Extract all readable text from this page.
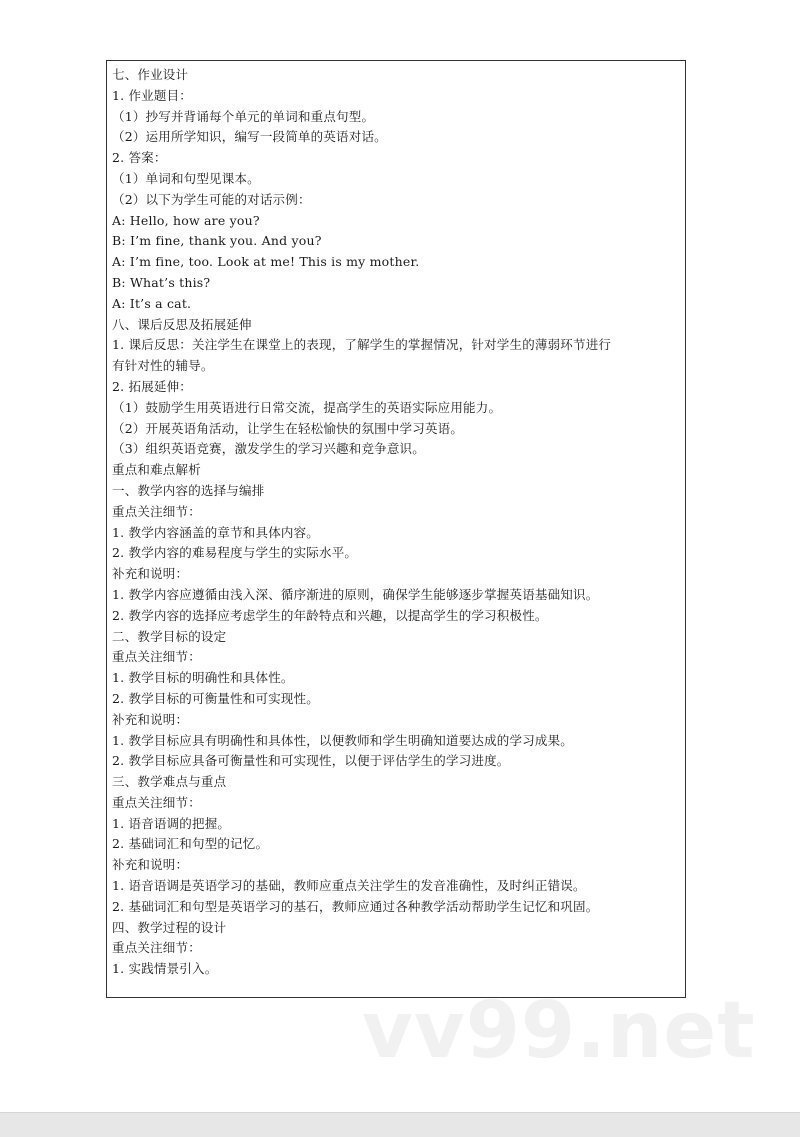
七、作业设计
1. 作业题目：
（1）抄写并背诵每个单元的单词和重点句型。
（2）运用所学知识，编写一段简单的英语对话。
2. 答案：
（1）单词和句型见课本。
（2）以下为学生可能的对话示例：
A: Hello, how are you?
B: I’m fine, thank you. And you?
A: I’m fine, too. Look at me! This is my mother.
B: What’s this?
A: It’s a cat.
八、课后反思及拓展延伸
1. 课后反思：关注学生在课堂上的表现，了解学生的掌握情况，针对学生的薄弱环节进行
有针对性的辅导。
2. 拓展延伸：
（1）鼓励学生用英语进行日常交流，提高学生的英语实际应用能力。
（2）开展英语角活动，让学生在轻松愉快的氛围中学习英语。
（3）组织英语竞赛，激发学生的学习兴趣和竞争意识。
重点和难点解析
一、教学内容的选择与编排
重点关注细节：
1. 教学内容涵盖的章节和具体内容。
2. 教学内容的难易程度与学生的实际水平。
补充和说明：
1. 教学内容应遵循由浅入深、循序渐进的原则，确保学生能够逐步掌握英语基础知识。
2. 教学内容的选择应考虑学生的年龄特点和兴趣，以提高学生的学习积极性。
二、教学目标的设定
重点关注细节：
1. 教学目标的明确性和具体性。
2. 教学目标的可衡量性和可实现性。
补充和说明：
1. 教学目标应具有明确性和具体性，以便教师和学生明确知道要达成的学习成果。
2. 教学目标应具备可衡量性和可实现性，以便于评估学生的学习进度。
三、教学难点与重点
重点关注细节：
1. 语音语调的把握。
2. 基础词汇和句型的记忆。
补充和说明：
1. 语音语调是英语学习的基础，教师应重点关注学生的发音准确性，及时纠正错误。
2. 基础词汇和句型是英语学习的基石，教师应通过各种教学活动帮助学生记忆和巩固。
四、教学过程的设计
重点关注细节：
1. 实践情景引入。
vv99.net
